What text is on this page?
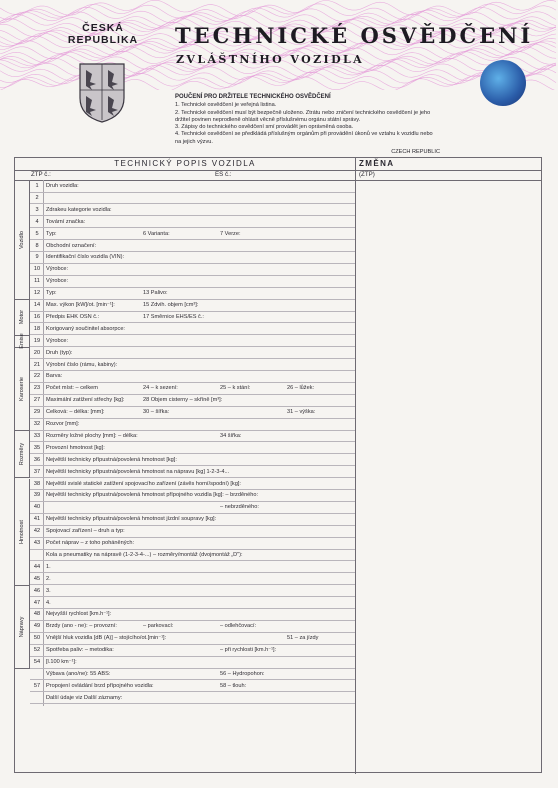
ČESKÁ
REPUBLIKA	TECHNICKÉ OSVĚDČENÍ
ZVLÁŠTNÍHO VOZIDLA
POUČENÍ PRO DRŽITELE TECHNICKÉHO OSVĚDČENÍ
1. Technické osvědčení je veřejná listina.
2. Technické osvědčení musí být bezpečně uloženo. Ztrátu nebo zničení technického osvědčení je jeho držitel povinen neprodleně ohlásit věcně příslušnému orgánu státní správy.
3. Zápisy do technického osvědčení smí provádět jen oprávněná osoba.
4. Technické osvědčení se předkládá příslušným orgánům při provádění úkonů ve vztahu k vozidlu nebo na jejich výzvu.
CZECH REPUBLIC
TECHNICKÝ POPIS VOZIDLA	ZMĚNA
ZTP č.:	ES č.:	(ZTP)
1	Druh vozidla:
2
3	Zdrakeu kategorie vozidla:
4	Tovární značka:
5	Typ:	6 Varianta:	7 Verze:
8	Obchodní označení:
9	Identifikační číslo vozidla (VIN):
10	Výrobce:
11	Výrobce:
12	Typ:	13 Palivo:
14	Max. výkon [kW]/ot. [min⁻¹]:	15 Zdvih. objem [cm³]:
16	Předpis EHK OSN č.:	17 Směrnice EHS/ES č.:
18	Korigovaný součinitel absorpce:
19	Výrobce:
20	Druh (typ):
21	Výrobní číslo (rámu, kabiny):
22	Barva:
23	Počet míst: – celkem	24 – k sezení:	25 – k stání:	26 – lůžek:
27	Maximální zatížení střechy [kg]:	28 Objem cisterny – skříně [m³]:
29	Celková: – délka: [mm]:	30 – šířka:	31 – výška:
32	Rozvor [mm]:
33	Rozměry ložné plochy [mm]: – délka:	34 šířka:
35	Provozní hmotnost [kg]:
36	Největší technicky přípustná/povolená hmotnost [kg]:
37	Největší technicky přípustná/povolená hmotnost na nápravu [kg] 1-2-3-4...
38	Největší svislé statické zatížení spojovacího zařízení (závěs horní/spodní) [kg]:
39	Největší technicky přípustná/povolená hmotnost přípojného vozidla [kg]: – brzděného:
40	– nebrzděného:
41	Největší technicky přípustná/povolená hmotnost jízdní soupravy [kg]:
42	Spojovací zařízení – druh a typ:
43	Počet náprav – z toho poháněných:
Kola a pneumatiky na nápravě (1-2-3-4-...) – rozměry/montáž (dvojmontáž „D"):
44	1.
45	2.
46	3.
47	4.
48	Nejvyšší rychlost [km.h⁻¹]:
49	Brzdy (ano - ne): – provozní:	– parkovací:	– odlehčovací:
50	Vnější hluk vozidla [dB (A)] – stojícího/ot.[min⁻¹]:	51 – za jízdy
52	Spotřeba paliv: – metodika:	– při rychlosti [km.h⁻¹]:
54	[l.100 km⁻¹]:
Výbava (ano/ne): 55 ABS:	56 – Hydropohon:
57	Propojení ovládání brzd přípojného vozidla:	58 – tlouh:
Další údaje viz Další záznamy:
Vozidlo
Motor
Emise
Karoserie
Rozměry
Hmotnost
Nápravy
